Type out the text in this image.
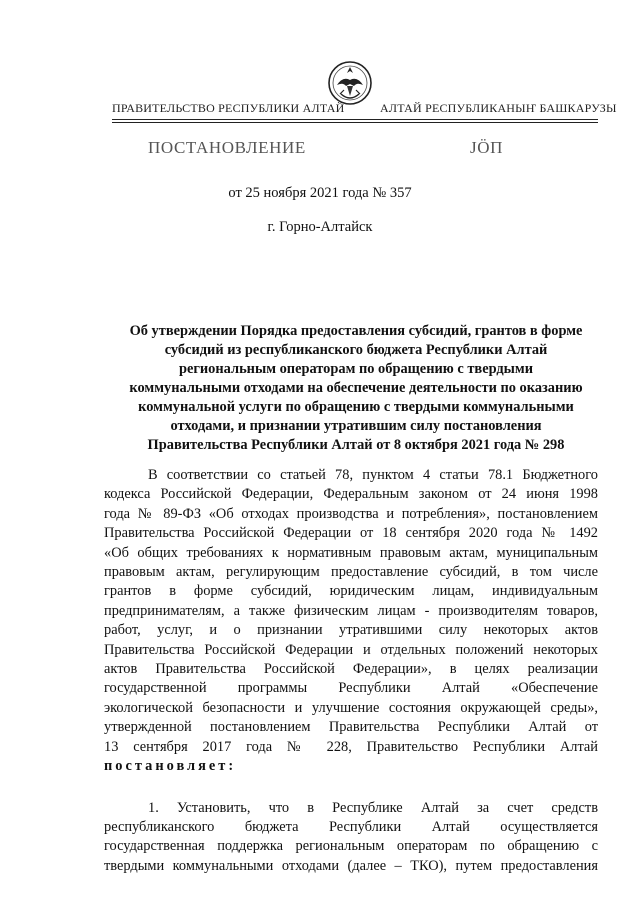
ПРАВИТЕЛЬСТВО РЕСПУБЛИКИ АЛТАЙ	АЛТАЙ РЕСПУБЛИКАНЫҤ БАШКАРУЗЫ
ПОСТАНОВЛЕНИЕ	JÖП
от 25 ноября 2021 года № 357
г. Горно-Алтайск
Об утверждении Порядка предоставления субсидий, грантов в форме
субсидий из республиканского бюджета Республики Алтай
региональным операторам по обращению с твердыми
коммунальными отходами на обеспечение деятельности по оказанию
коммунальной услуги по обращению с твердыми коммунальными
отходами, и признании утратившим силу постановления
Правительства Республики Алтай от 8 октября 2021 года № 298
В соответствии со статьей 78, пунктом 4 статьи 78.1 Бюджетного
кодекса Российской Федерации, Федеральным законом от 24 июня 1998
года № 89-ФЗ «Об отходах производства и потребления», постановлением
Правительства Российской Федерации от 18 сентября 2020 года № 1492
«Об общих требованиях к нормативным правовым актам, муниципальным
правовым актам, регулирующим предоставление субсидий, в том числе
грантов в форме субсидий, юридическим лицам, индивидуальным
предпринимателям, а также физическим лицам - производителям товаров,
работ, услуг, и о признании утратившими силу некоторых актов
Правительства Российской Федерации и отдельных положений некоторых
актов Правительства Российской Федерации», в целях реализации
государственной программы Республики Алтай «Обеспечение
экологической безопасности и улучшение состояния окружающей среды»,
утвержденной постановлением Правительства Республики Алтай от
13 сентября 2017 года № 228, Правительство Республики Алтай
постановляет:
1. Установить, что в Республике Алтай за счет средств
республиканского бюджета Республики Алтай осуществляется
государственная поддержка региональным операторам по обращению с
твердыми коммунальными отходами (далее – ТКО), путем предоставления
